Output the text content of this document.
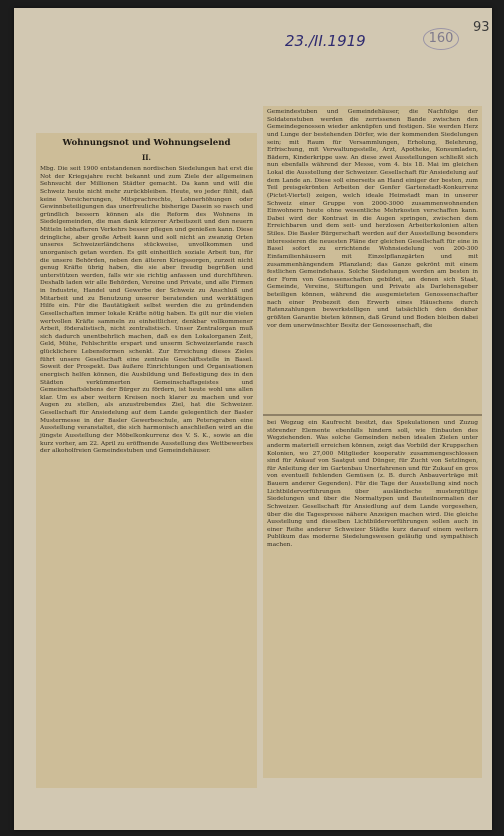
23./II.1919	160
93
Wohnungsnot und Wohnungselend
II.

Mbg. Die seit 1900 entstandenen nordischen Siedelungen hat erst die Not der Kriegsjahre recht bekannt und zum Ziele der allgemeinen Sehnsucht der Millionen Städter gemacht. Da kann und will die Schweiz heute nicht mehr zurückbleiben. Heute, wo jeder fühlt, daß keine Versicherungen, Mitsprachrechte, Lohnerhöhungen oder Gewinnbeteiligungen das unerfreuliche bisherige Dasein so rasch und gründlich bessern können als die Reform des Wohnens in Siedelgemeinden, die man dank kürzerer Arbeitszeit und den neuern Mitteln lebhafteren Verkehrs besser pflegen und genießen kann. Diese dringliche, aber große Arbeit kann und soll nicht an zwanzig Orten unseres Schweizerländchens stückweise, unvollkommen und unorganisch getan werden. Es gilt einheitlich soziale Arbeit tun, für die unsere Behörden, neben den älteren Kriegssorgen, zurzeit nicht genug Kräfte übrig haben, die sie aber freudig begrüßen und unterstützen werden, falls wir sie richtig anfassen und durchführen. Deshalb laden wir alle Behörden, Vereine und Private, und alle Firmen in Industrie, Handel und Gewerbe der Schweiz zu Anschluß und Mitarbeit und zu Benutzung unserer beratenden und werktätigen Hilfe ein. Für die Bautätigkeit selbst werden die zu gründenden Gesellschaften immer lokale Kräfte nötig haben. Es gilt nur die vielen wertvollen Kräfte sammeln zu einheitlicher, denkbar vollkommener Arbeit, föderalistisch, nicht zentralistisch. Unser Zentralorgan muß sich dadurch unentbehrlich machen, daß es den Lokalorganen Zeit, Geld, Mühe, Fehlschritte erspart und unserm Schweizerlande rasch glücklichere Lebensformen schenkt. Zur Erreichung dieses Zieles führt unsere Gesellschaft eine zentrale Geschäftsstelle in Basel. Soweit der Prospekt. Das äußere Einrichtungen und Organisationen energisch helfen können, die Ausbildung und Befestigung des in den Städten verkümmerten Gemeinschaftsgeistes und Gemeinschaftslebens der Bürger zu fördern, ist heute wohl uns allen klar. Um es aber weitern Kreisen noch klarer zu machen und vor Augen zu stellen, als anzustrebendes Ziel, hat die Schweizer. Gesellschaft für Ansiedelung auf dem Lande gelegentlich der Basler Mustermesse in der Basler Gewerbeschule, am Petersgraben eine Ausstellung veranstaltet, die sich harmonisch anschließen wird an die jüngste Ausstellung der Möbelkonkurrenz des V. S. K., sowie an die kurz vorher, am 22. April zu eröffnende Ausstellung des Wettbewerbes der alkoholfreien Gemeindestuben und Gemeindehäuser.

Gemeindestuben und Gemeindehäuser, die Nachfolge der Soldatenstuben werden die zerrissenen Bande zwischen den Gemeindegenossen wieder anknüpfen und festigen. Sie werden Herz und Lunge der bestehenden Dörfer, wie der kommenden Siedelungen sein; mit Raum für Versammlungen, Erholung, Belehrung, Erfrischung, mit Verwaltungsstelle, Arzt, Apotheke, Konsumladen, Bädern, Kinderkrippe usw. An diese zwei Ausstellungen schließt sich nun ebenfalls während der Messe, vom 4. bis 18. Mai im gleichen Lokal die Ausstellung der Schweizer. Gesellschaft für Ansiedelung auf dem Lande an. Diese soll einerseits an Hand einiger der besten, zum Teil preisgekrönten Arbeiten der Genfer Gartenstadt-Konkurrenz (Pictet-Viertel) zeigen, welch ideale Heimstadt man in unserer Schweiz einer Gruppe von 2000-3000 zusammenwohnenden Einwohnern heute ohne wesentliche Mehrkosten verschaffen kann. Dabei wird der Kontrast in die Augen springen, zwischen dem Erreichbaren und dem seit- und herzlosen Arbeiterkolonien alten Stiles. Die Basler Bürgerschaft werden auf der Ausstellung besonders interessieren die neuesten Pläne der gleichen Gesellschaft für eine in Basel sofort zu errichtende Wohnsiedelung von 200-300 Einfamilienhäusern mit Einzelpflanzgärten und mit zusammenhängendem Pflanzland; das Ganze gekrönt mit einem festlichen Gemeindehaus. Solche Siedelungen werden am besten in der Form von Genossenschaften gebildet, an denen sich Staat, Gemeinde, Vereine, Stiftungen und Private als Darlehensgeber beteiligen können, während die ausgemieteten Genossenschafter nach einer Probezeit den Erwerb eines Häuschens durch Ratenzahlungen bewerkstelligen und tatsächlich den denkbar größten Garantie bieten können, daß Grund und Boden bleiben dabei vor dem unerwünschter Besitz der Genossenschaft, die

bei Wegzug ein Kaufrecht besitzt, das Spekulationen und Zuzug störender Elemente ebenfalls hindern soll, wie Einbauten des Wegziehenden. Was solche Gemeinden neben idealen Zielen unter anderm materiell erreichen können, zeigt das Vorbild der Kruppschen Kolonien, wo 27,000 Mitglieder kooperativ zusammengeschlossen sind für Ankauf von Saatgut und Dünger, für Zucht von Setzlingen, für Anleitung der im Gartenbau Unerfahrenen und für Zukauf en gros von eventuell fehlenden Gemüsen (z. B. durch Anbauverträge mit Bauern anderer Gegenden). Für die Tage der Ausstellung sind noch Lichtbildervorführungen über ausländische mustergültige Siedelungen und über die Normaltypen und Bauteilnormalien der Schweizer. Gesellschaft für Ansiedlung auf dem Lande vorgesehen, über die die Tagespresse nähere Anzeigen machen wird. Die gleiche Ausstellung und dieselben Lichtbildervorführungen sollen auch in einer Reihe anderer Schweizer Städte kurz darauf einem weitern Publikum das moderne Siedelungswesen geläufig und sympathisch machen.
